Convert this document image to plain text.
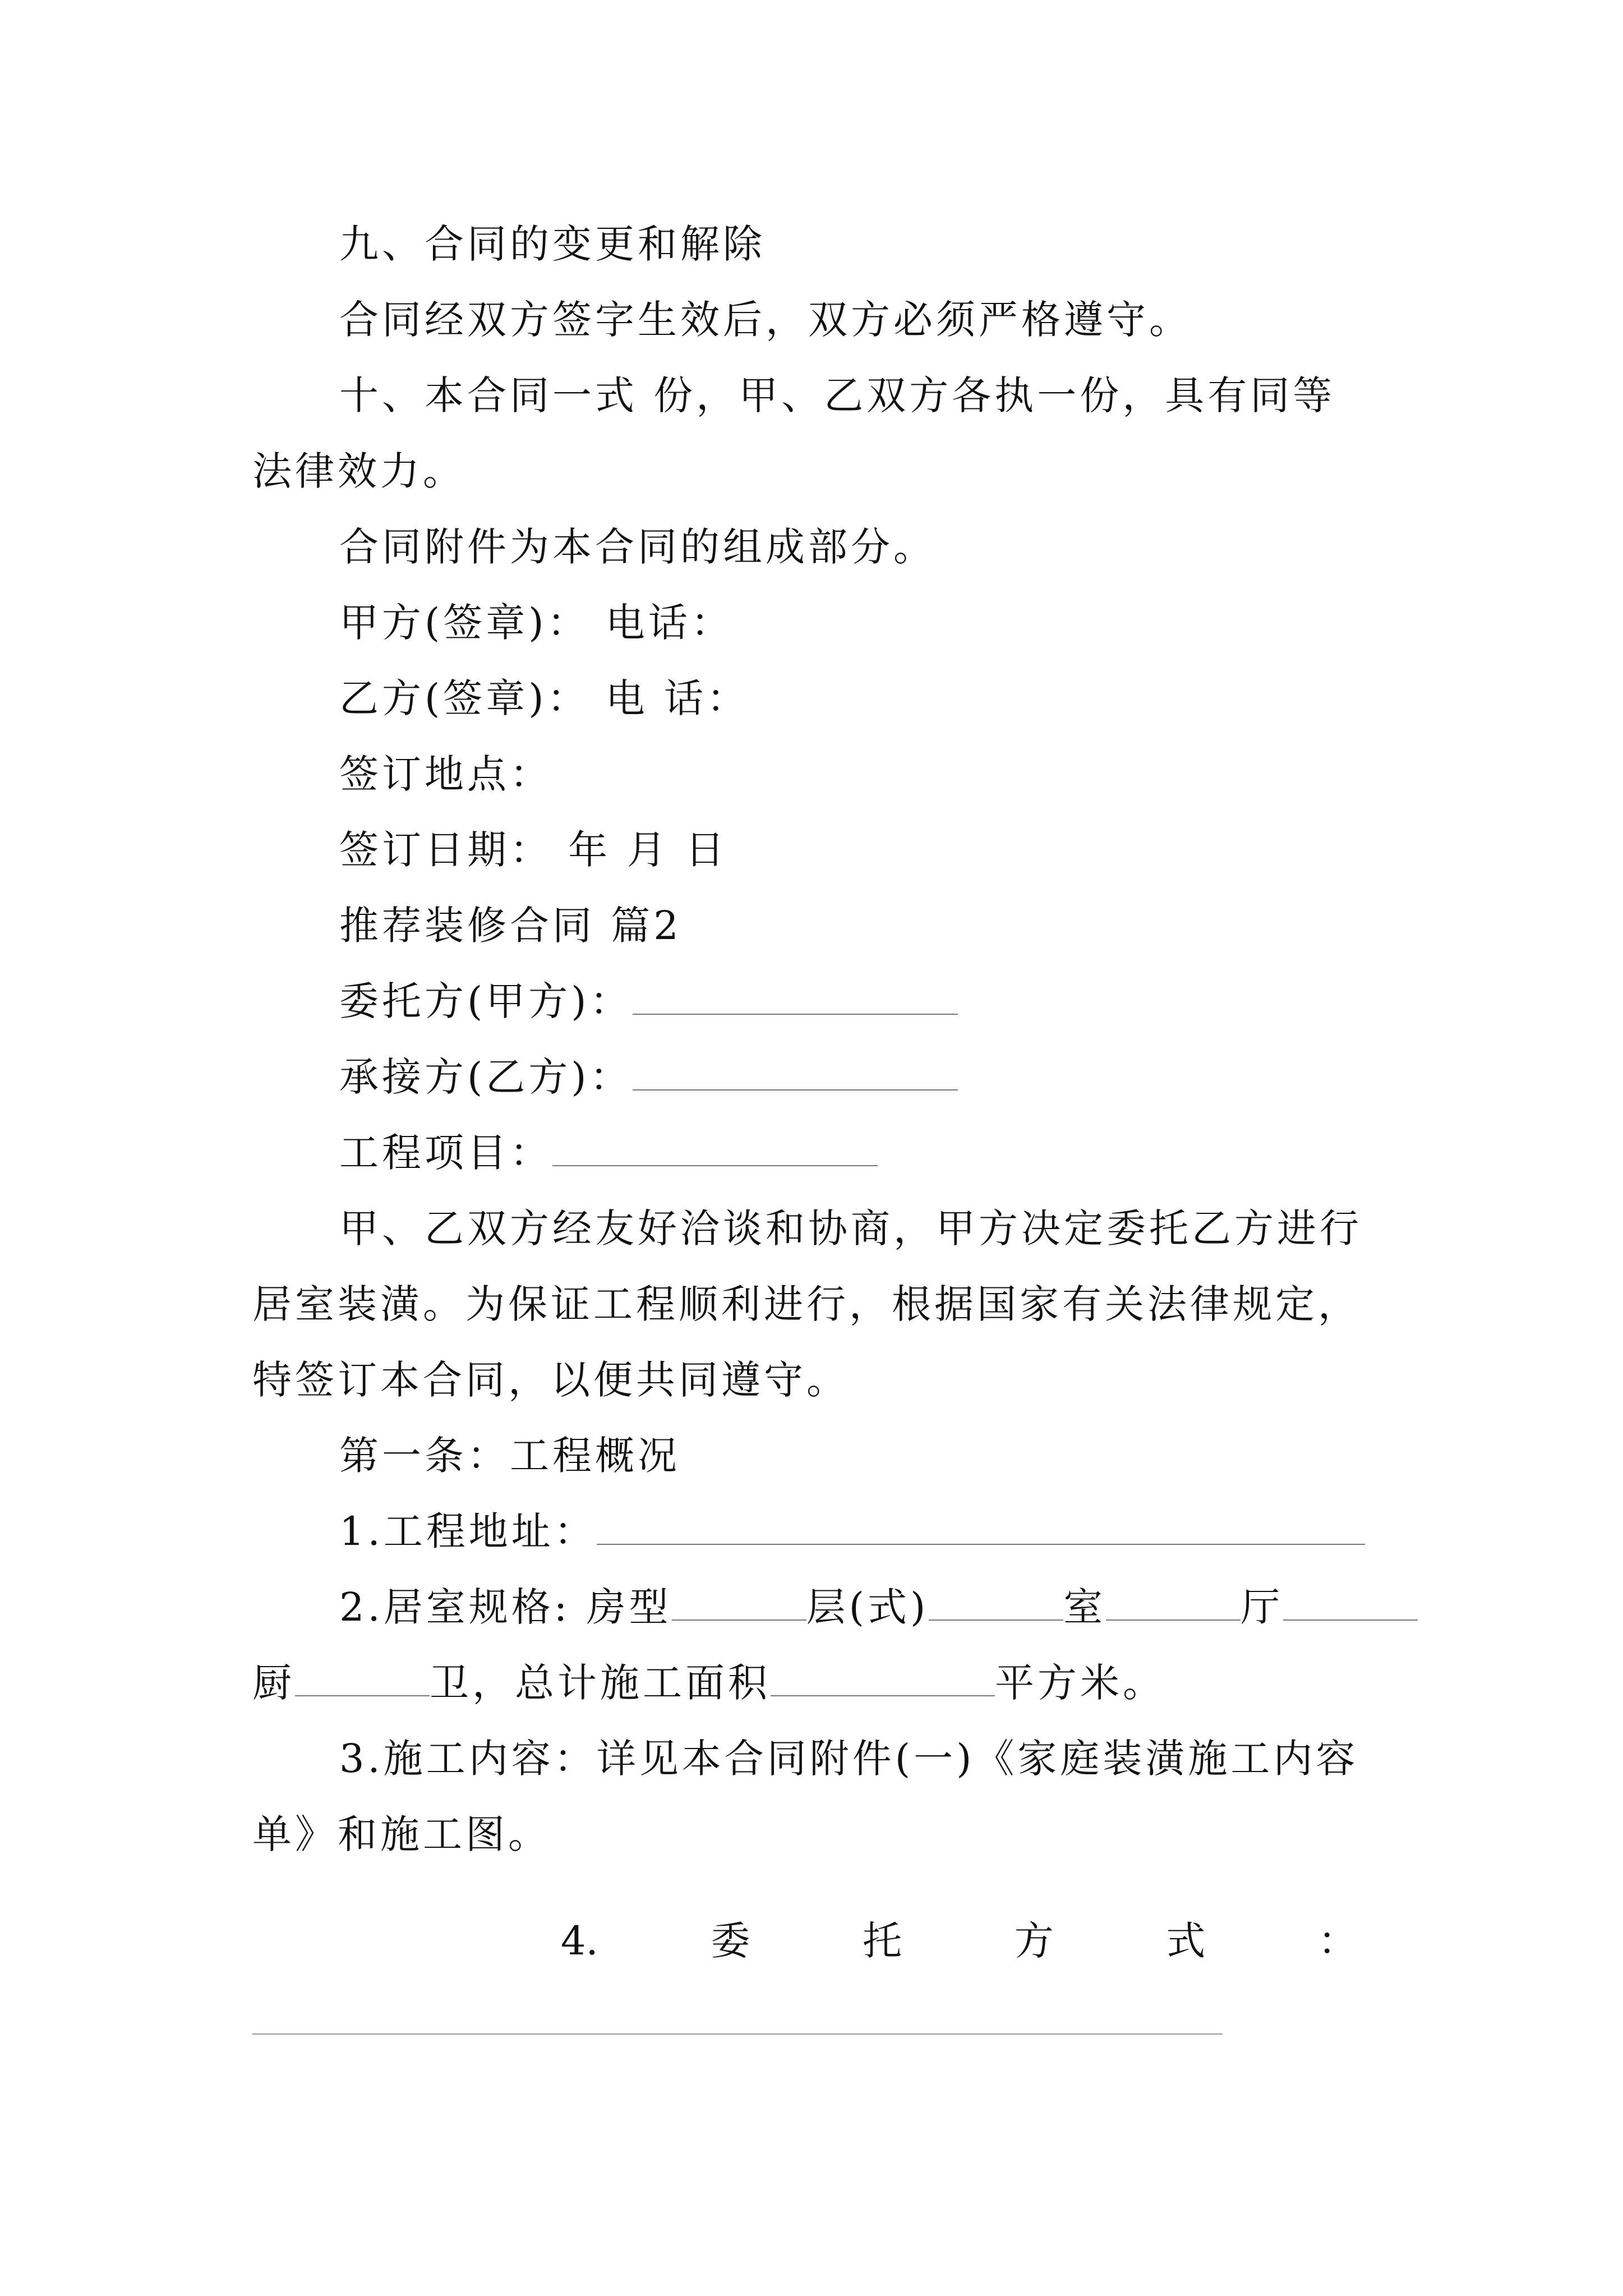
九、合同的变更和解除
合同经双方签字生效后，双方必须严格遵守。
十、本合同一式 份，甲、乙双方各执一份，具有同等
法律效力。
合同附件为本合同的组成部分。
甲方(签章)： 电话：
乙方(签章)： 电 话：
签订地点：
签订日期： 年 月 日
推荐装修合同 篇2
委托方(甲方)：
承接方(乙方)：
工程项目：
甲、乙双方经友好洽谈和协商，甲方决定委托乙方进行
居室装潢。为保证工程顺利进行，根据国家有关法律规定，
特签订本合同，以便共同遵守。
第一条：工程概况
1.工程地址：
2.居室规格: 房型	层(式)	室	厅
厨	卫，总计施工面积	平方米。
3.施工内容：详见本合同附件(一)《家庭装潢施工内容
单》和施工图。
4.	委	托	方	式	：
